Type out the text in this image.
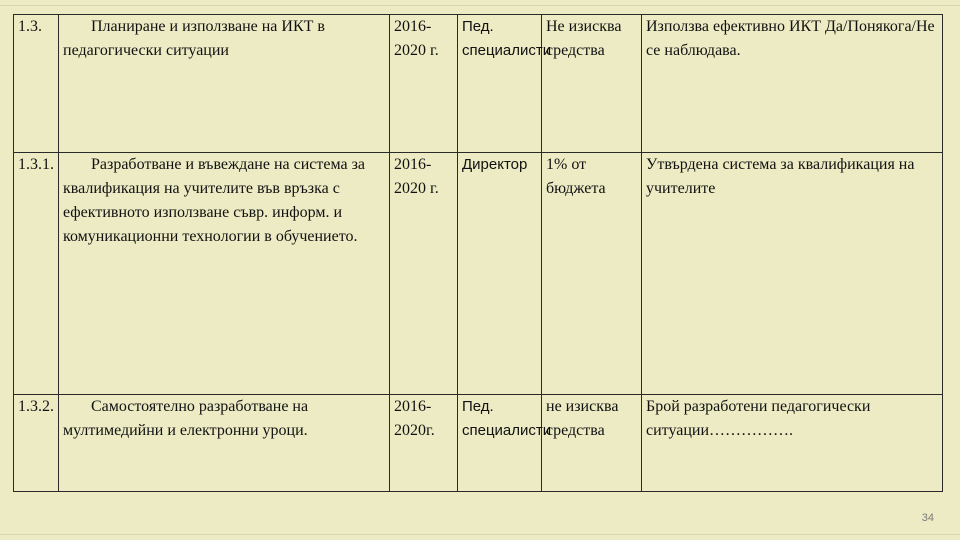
1.3.	Планиране и използване на ИКТ в педагогически ситуации	2016-2020 г.	Пед. специалисти	Не изисква средства	Използва ефективно ИКТ Да/Понякога/Не се наблюдава.
1.3.1.	Разработване и въвеждане на система за квалификация на учителите във връзка с ефективното използване съвр. информ. и комуникационни технологии в обучението.	2016-2020 г.	Директор	1% от бюджета	Утвърдена система за квалификация на учителите
1.3.2.	Самостоятелно разработване на мултимедийни и електронни уроци.	2016-2020г.	Пед. специалисти	не изисква средства	Брой разработени педагогически ситуации…………….
34
